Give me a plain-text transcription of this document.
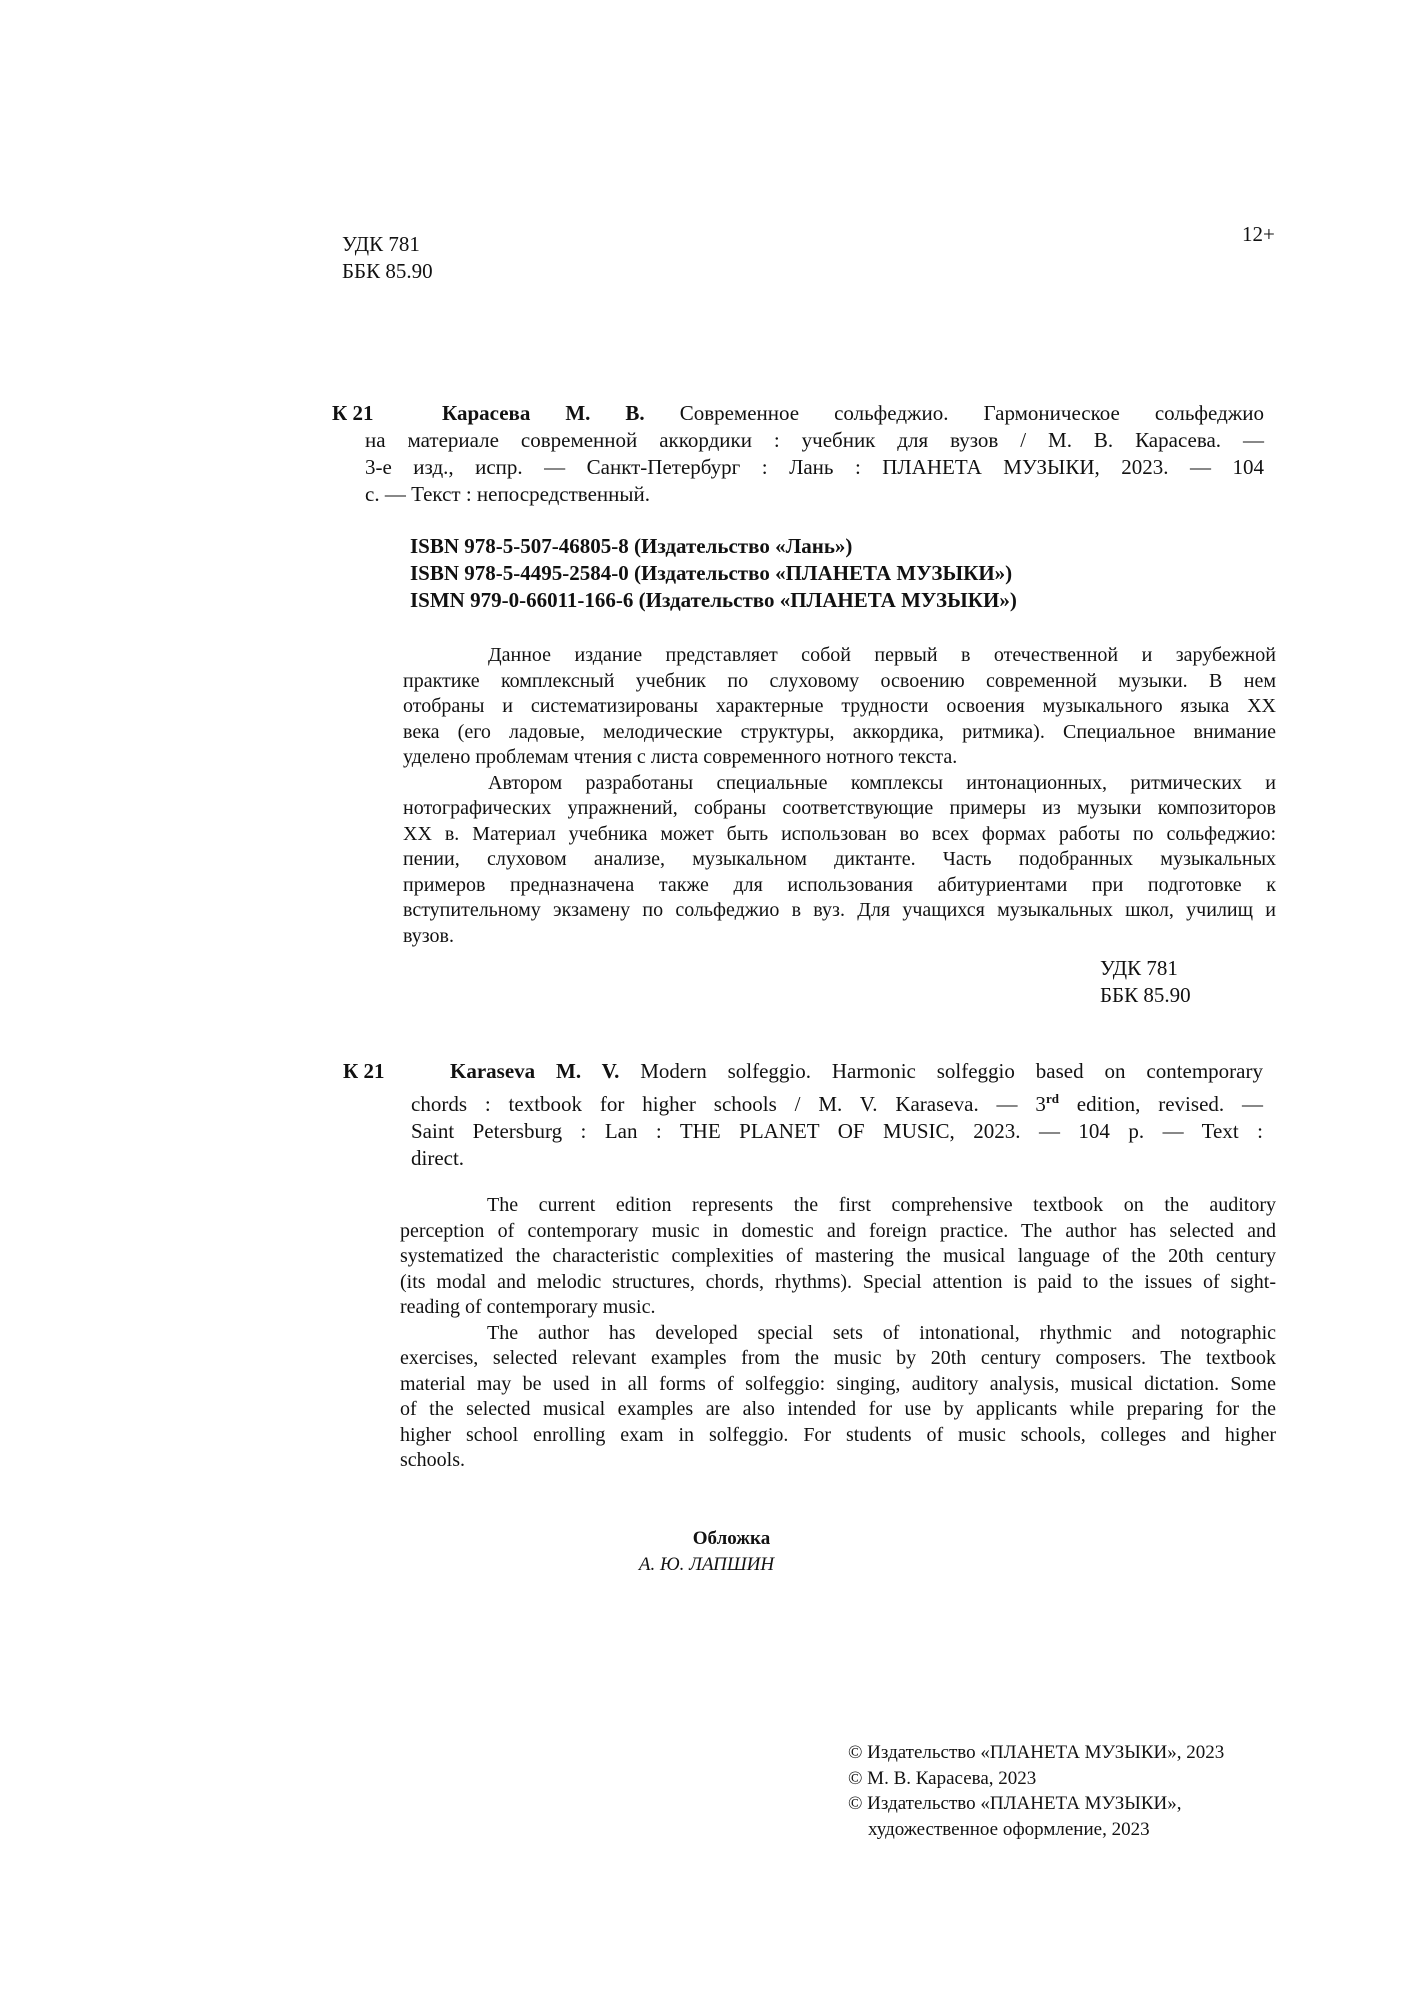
УДК 781
ББК 85.90
12+
Карасева М. В. Современное сольфеджио. Гармоническое сольфеджио
на материале современной аккордики : учебник для вузов / М. В. Карасева. —
3-е изд., испр. — Санкт-Петербург : Лань : ПЛАНЕТА МУЗЫКИ, 2023. — 104
с. — Текст : непосредственный.
К 21
ISBN 978-5-507-46805-8 (Издательство «Лань»)
ISBN 978-5-4495-2584-0 (Издательство «ПЛАНЕТА МУЗЫКИ»)
ISMN 979-0-66011-166-6 (Издательство «ПЛАНЕТА МУЗЫКИ»)
Данное издание представляет собой первый в отечественной и зарубежной
практике комплексный учебник по слуховому освоению современной музыки. В нем
отобраны и систематизированы характерные трудности освоения музыкального языка XX
века (его ладовые, мелодические структуры, аккордика, ритмика). Специальное внимание
уделено проблемам чтения с листа современного нотного текста.
Автором разработаны специальные комплексы интонационных, ритмических и
нотографических упражнений, собраны соответствующие примеры из музыки композиторов
XX в. Материал учебника может быть использован во всех формах работы по сольфеджио:
пении, слуховом анализе, музыкальном диктанте. Часть подобранных музыкальных
примеров предназначена также для использования абитуриентами при подготовке к
вступительному экзамену по сольфеджио в вуз. Для учащихся музыкальных школ, училищ и
вузов.
УДК 781
ББК 85.90
Karaseva M. V. Modern solfeggio. Harmonic solfeggio based on contemporary
chords : textbook for higher schools / M. V. Karaseva. — 3rd edition, revised. —
Saint Petersburg : Lan : THE PLANET OF MUSIC, 2023. — 104 p. — Text :
direct.
К 21
The current edition represents the first comprehensive textbook on the auditory
perception of contemporary music in domestic and foreign practice. The author has selected and
systematized the characteristic complexities of mastering the musical language of the 20th century
(its modal and melodic structures, chords, rhythms). Special attention is paid to the issues of sight-
reading of contemporary music.
The author has developed special sets of intonational, rhythmic and notographic
exercises, selected relevant examples from the music by 20th century composers. The textbook
material may be used in all forms of solfeggio: singing, auditory analysis, musical dictation. Some
of the selected musical examples are also intended for use by applicants while preparing for the
higher school enrolling exam in solfeggio. For students of music schools, colleges and higher
schools.
Обложка
А. Ю. ЛАПШИН
© Издательство «ПЛАНЕТА МУЗЫКИ», 2023
© М. В. Карасева, 2023
© Издательство «ПЛАНЕТА МУЗЫКИ»,
художественное оформление, 2023
